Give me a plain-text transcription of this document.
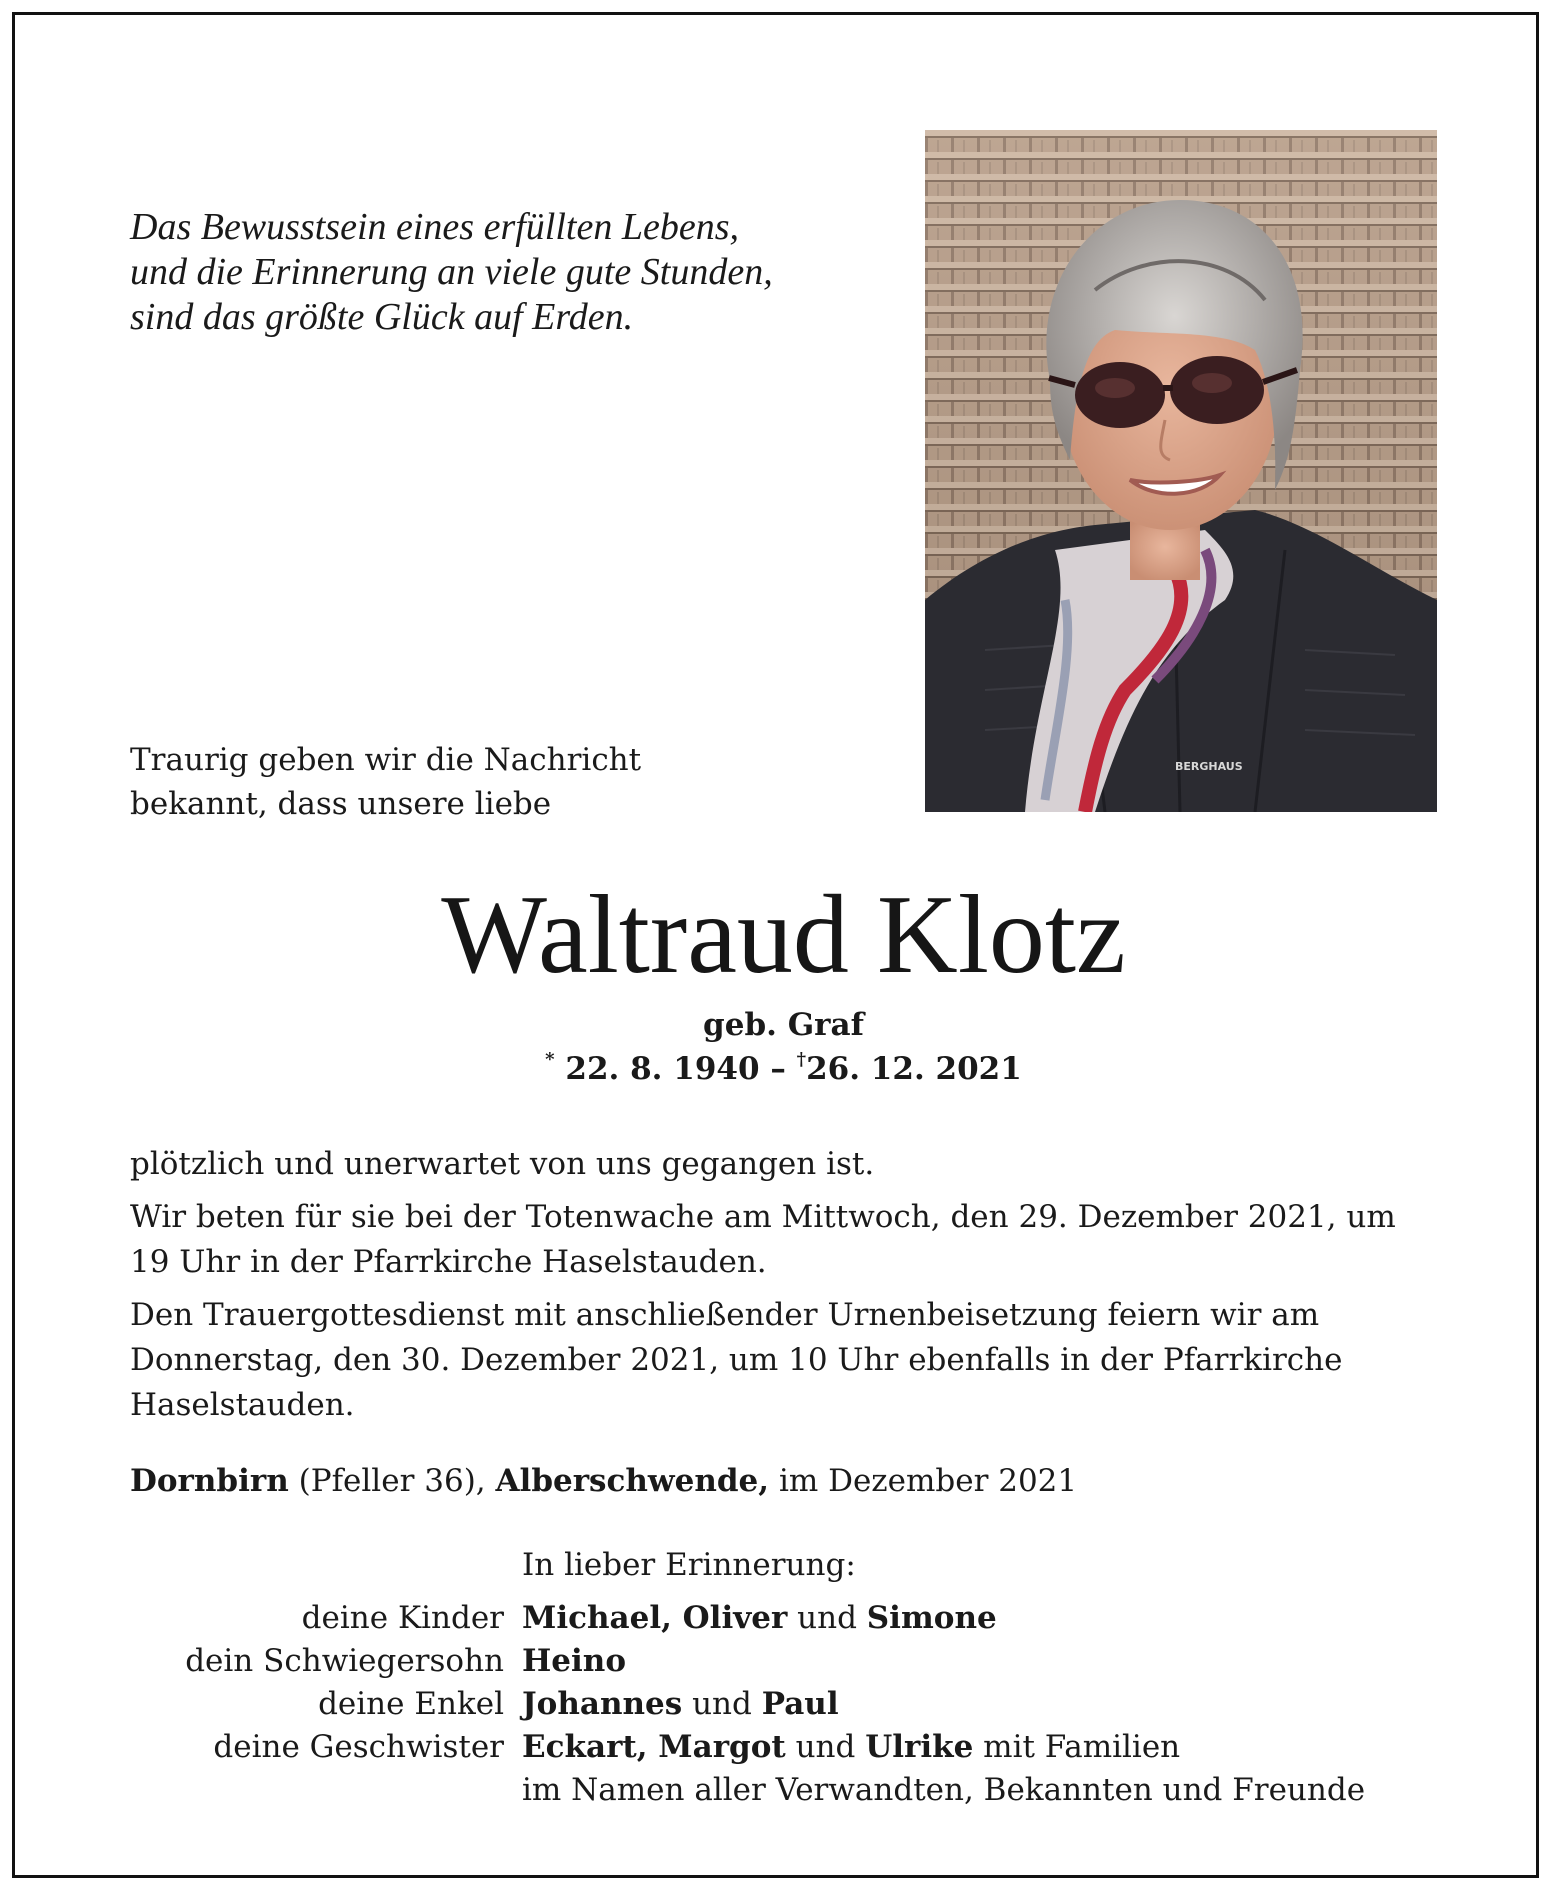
Das Bewusstsein eines erfüllten Lebens,
und die Erinnerung an viele gute Stunden,
sind das größte Glück auf Erden.
BERGHAUS
Traurig geben wir die Nachricht
bekannt, dass unsere liebe
Waltraud Klotz
geb. Graf
* 22. 8. 1940 – †26. 12. 2021

plötzlich und unerwartet von uns gegangen ist.

Wir beten für sie bei der Totenwache am Mittwoch, den 29. Dezember 2021, um 19 Uhr in der Pfarrkirche Haselstauden.

Den Trauergottesdienst mit anschließender Urnenbeisetzung feiern wir am Donnerstag, den 30. Dezember 2021, um 10 Uhr ebenfalls in der Pfarrkirche Haselstauden.

Dornbirn (Pfeller 36), Alberschwende, im Dezember 2021
In lieber Erinnerung:
deine Kinder Michael, Oliver und Simone
dein Schwiegersohn Heino
deine Enkel Johannes und Paul
deine Geschwister Eckart, Margot und Ulrike mit Familien
im Namen aller Verwandten, Bekannten und Freunde
